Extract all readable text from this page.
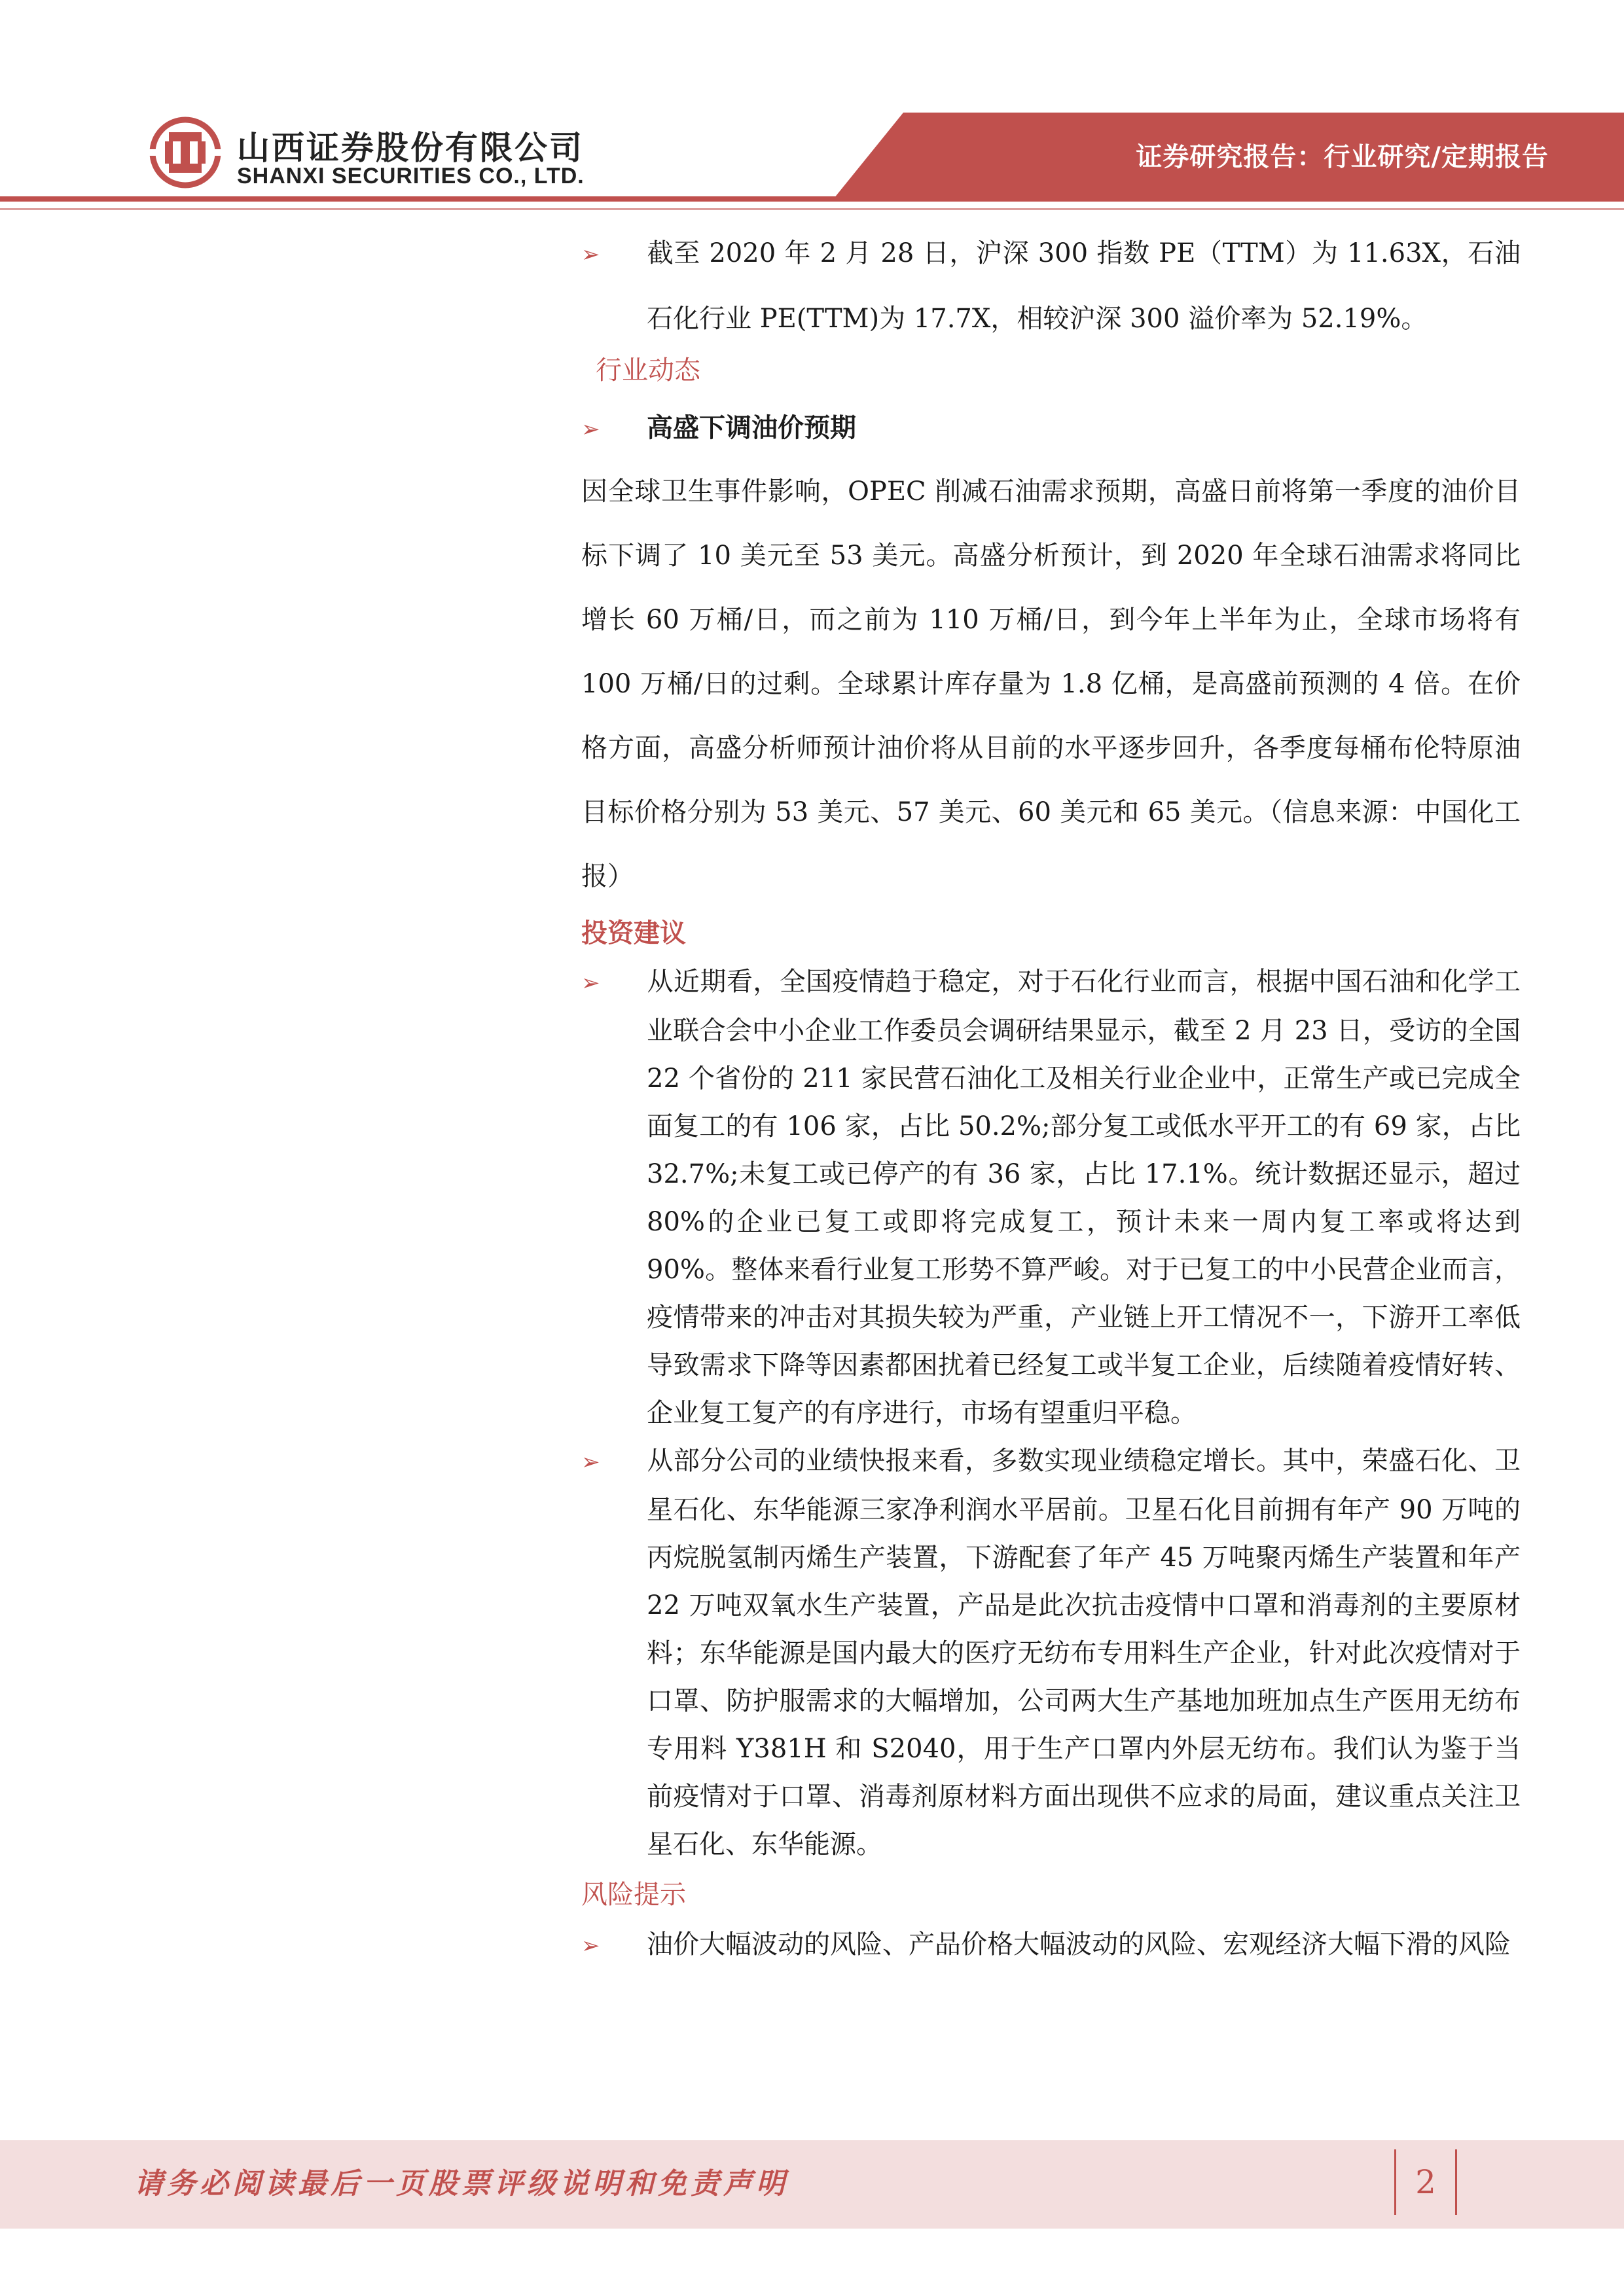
山西证券股份有限公司
SHANXI SECURITIES CO., LTD.
证券研究报告：行业研究/定期报告

➢ 截至 2020 年 2 月 28 日，沪深 300 指数 PE（TTM）为 11.63X，石油石化行业 PE(TTM)为 17.7X，相较沪深 300 溢价率为 52.19%。

行业动态

➢ 高盛下调油价预期

因全球卫生事件影响，OPEC 削减石油需求预期，高盛日前将第一季度的油价目标下调了 10 美元至 53 美元。高盛分析预计，到 2020 年全球石油需求将同比增长 60 万桶/日，而之前为 110 万桶/日，到今年上半年为止，全球市场将有 100 万桶/日的过剩。全球累计库存量为 1.8 亿桶，是高盛前预测的 4 倍。在价格方面，高盛分析师预计油价将从目前的水平逐步回升，各季度每桶布伦特原油目标价格分别为 53 美元、57 美元、60 美元和 65 美元。（信息来源：中国化工报）

投资建议

➢ 从近期看，全国疫情趋于稳定，对于石化行业而言，根据中国石油和化学工业联合会中小企业工作委员会调研结果显示，截至 2 月 23 日，受访的全国 22 个省份的 211 家民营石油化工及相关行业企业中，正常生产或已完成全面复工的有 106 家，占比 50.2%;部分复工或低水平开工的有 69 家，占比 32.7%;未复工或已停产的有 36 家，占比 17.1%。统计数据还显示，超过 80%的企业已复工或即将完成复工，预计未来一周内复工率或将达到 90%。整体来看行业复工形势不算严峻。对于已复工的中小民营企业而言，疫情带来的冲击对其损失较为严重，产业链上开工情况不一，下游开工率低导致需求下降等因素都困扰着已经复工或半复工企业，后续随着疫情好转、企业复工复产的有序进行，市场有望重归平稳。

➢ 从部分公司的业绩快报来看，多数实现业绩稳定增长。其中，荣盛石化、卫星石化、东华能源三家净利润水平居前。卫星石化目前拥有年产 90 万吨的丙烷脱氢制丙烯生产装置，下游配套了年产 45 万吨聚丙烯生产装置和年产 22 万吨双氧水生产装置，产品是此次抗击疫情中口罩和消毒剂的主要原材料；东华能源是国内最大的医疗无纺布专用料生产企业，针对此次疫情对于口罩、防护服需求的大幅增加，公司两大生产基地加班加点生产医用无纺布专用料 Y381H 和 S2040，用于生产口罩内外层无纺布。我们认为鉴于当前疫情对于口罩、消毒剂原材料方面出现供不应求的局面，建议重点关注卫星石化、东华能源。

风险提示

➢ 油价大幅波动的风险、产品价格大幅波动的风险、宏观经济大幅下滑的风险

请务必阅读最后一页股票评级说明和免责声明	2
